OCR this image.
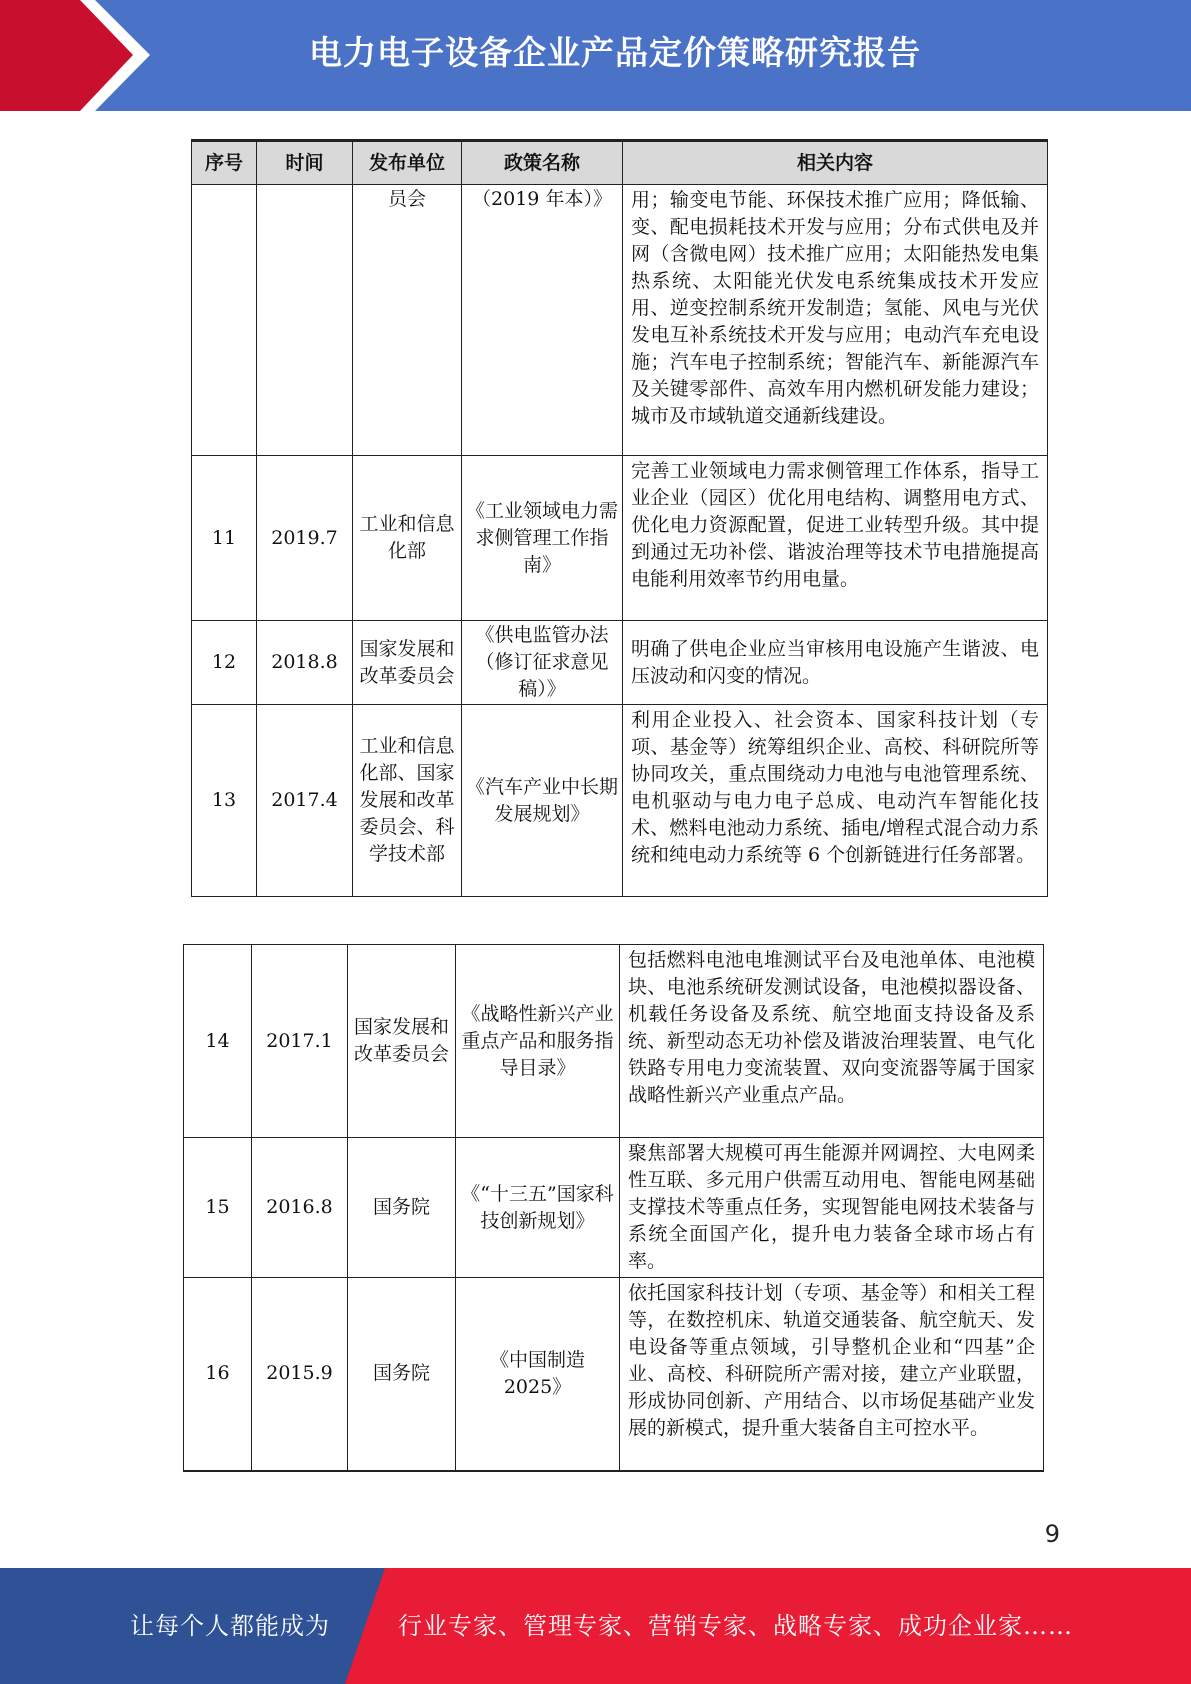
电力电子设备企业产品定价策略研究报告
序号	时间	发布单位	政策名称	相关内容
		员会	（2019 年本）》	用；输变电节能、环保技术推广应用；降低输、变、配电损耗技术开发与应用；分布式供电及并网（含微电网）技术推广应用；太阳能热发电集热系统、太阳能光伏发电系统集成技术开发应用、逆变控制系统开发制造；氢能、风电与光伏发电互补系统技术开发与应用；电动汽车充电设施；汽车电子控制系统；智能汽车、新能源汽车及关键零部件、高效车用内燃机研发能力建设；城市及市域轨道交通新线建设。
11	2019.7	工业和信息化部	《工业领域电力需求侧管理工作指南》	完善工业领域电力需求侧管理工作体系，指导工业企业（园区）优化用电结构、调整用电方式、优化电力资源配置，促进工业转型升级。其中提到通过无功补偿、谐波治理等技术节电措施提高电能利用效率节约用电量。
12	2018.8	国家发展和改革委员会	《供电监管办法（修订征求意见稿）》	明确了供电企业应当审核用电设施产生谐波、电压波动和闪变的情况。
13	2017.4	工业和信息化部、国家发展和改革委员会、科学技术部	《汽车产业中长期发展规划》	利用企业投入、社会资本、国家科技计划（专项、基金等）统筹组织企业、高校、科研院所等协同攻关，重点围绕动力电池与电池管理系统、电机驱动与电力电子总成、电动汽车智能化技术、燃料电池动力系统、插电/增程式混合动力系统和纯电动力系统等 6 个创新链进行任务部署。
14	2017.1	国家发展和改革委员会	《战略性新兴产业重点产品和服务指导目录》	包括燃料电池电堆测试平台及电池单体、电池模块、电池系统研发测试设备，电池模拟器设备、机载任务设备及系统、航空地面支持设备及系统、新型动态无功补偿及谐波治理装置、电气化铁路专用电力变流装置、双向变流器等属于国家战略性新兴产业重点产品。
15	2016.8	国务院	《“十三五”国家科技创新规划》	聚焦部署大规模可再生能源并网调控、大电网柔性互联、多元用户供需互动用电、智能电网基础支撑技术等重点任务，实现智能电网技术装备与系统全面国产化，提升电力装备全球市场占有率。
16	2015.9	国务院	《中国制造 2025》	依托国家科技计划（专项、基金等）和相关工程等，在数控机床、轨道交通装备、航空航天、发电设备等重点领域，引导整机企业和“四基”企业、高校、科研院所产需对接，建立产业联盟，形成协同创新、产用结合、以市场促基础产业发展的新模式，提升重大装备自主可控水平。
9
让每个人都能成为	行业专家、管理专家、营销专家、战略专家、成功企业家……
